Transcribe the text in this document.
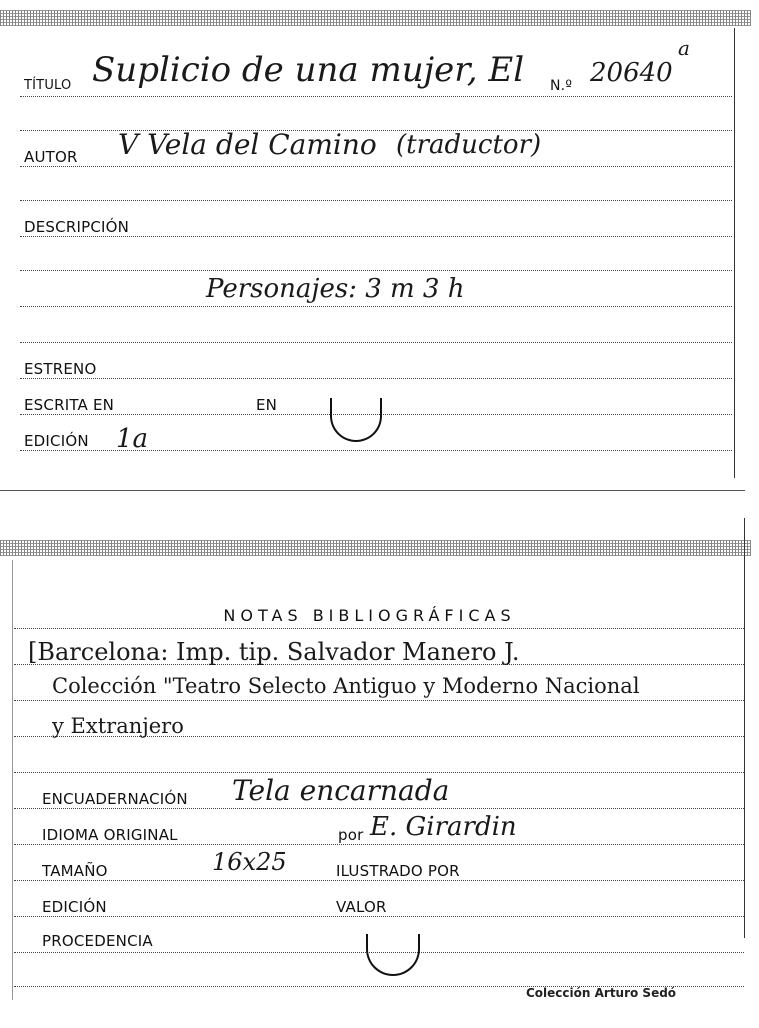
TÍTULO Suplicio de una mujer, El N.º 20640
a
AUTOR V Vela del Camino (traductor)
DESCRIPCIÓN
Personajes: 3 m 3 h
ESTRENO
ESCRITA EN	EN
EDICIÓN 1a
NOTAS BIBLIOGRÁFICAS
[Barcelona: Imp. tip. Salvador Manero J.
Colección "Teatro Selecto Antiguo y Moderno Nacional
y Extranjero
ENCUADERNACIÓN Tela encarnada
IDIOMA ORIGINAL	por E. Girardin
TAMAÑO	16x25	ILUSTRADO POR
EDICIÓN	VALOR
PROCEDENCIA
Colección Arturo Sedó
